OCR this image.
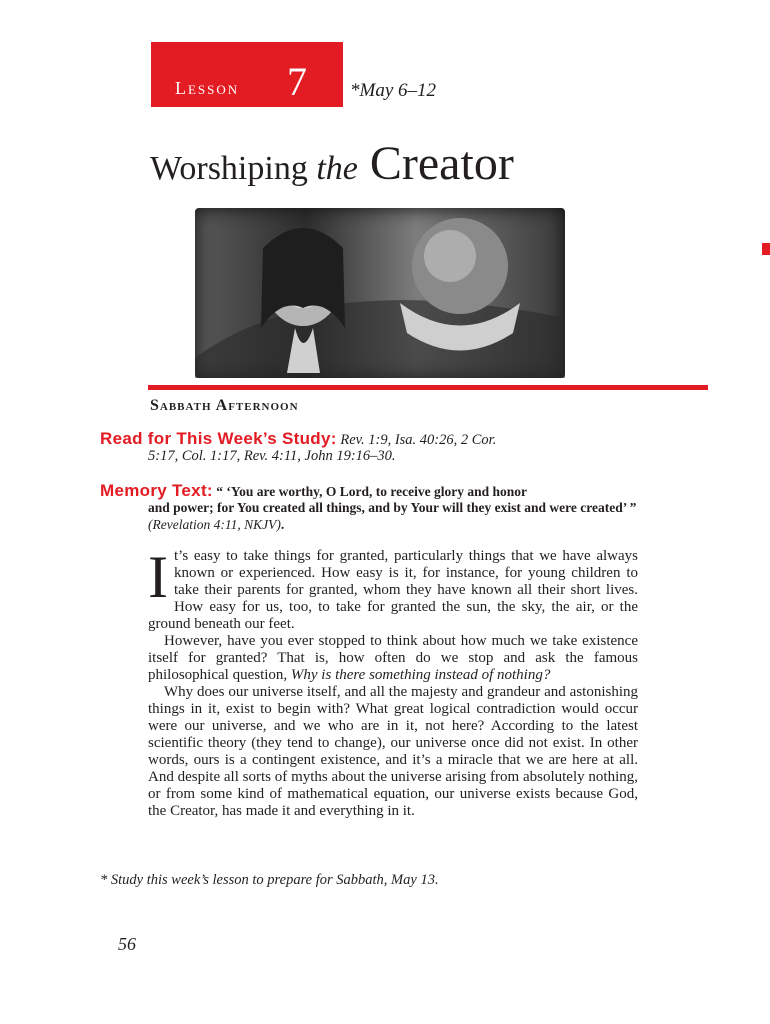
Lesson 7 *May 6–12
Worshiping the Creator
Sabbath Afternoon
Read for This Week’s Study: Rev. 1:9, Isa. 40:26, 2 Cor.
5:17, Col. 1:17, Rev. 4:11, John 19:16–30.
Memory Text: “ ‘You are worthy, O Lord, to receive glory and honor
and power; for You created all things, and by Your will they exist and were created’ ” (Revelation 4:11, NKJV).

It’s easy to take things for granted, particularly things that we have always known or experienced. How easy is it, for instance, for young children to take their parents for granted, whom they have known all their short lives. How easy for us, too, to take for granted the sun, the sky, the air, or the ground beneath our feet.

However, have you ever stopped to think about how much we take existence itself for granted? That is, how often do we stop and ask the famous philosophical question, Why is there something instead of nothing?

Why does our universe itself, and all the majesty and grandeur and astonishing things in it, exist to begin with? What great logical contradiction would occur were our universe, and we who are in it, not here? According to the latest scientific theory (they tend to change), our universe once did not exist. In other words, ours is a contingent existence, and it’s a miracle that we are here at all. And despite all sorts of myths about the universe arising from absolutely nothing, or from some kind of mathematical equation, our universe exists because God, the Creator, has made it and everything in it.

* Study this week’s lesson to prepare for Sabbath, May 13.
56
